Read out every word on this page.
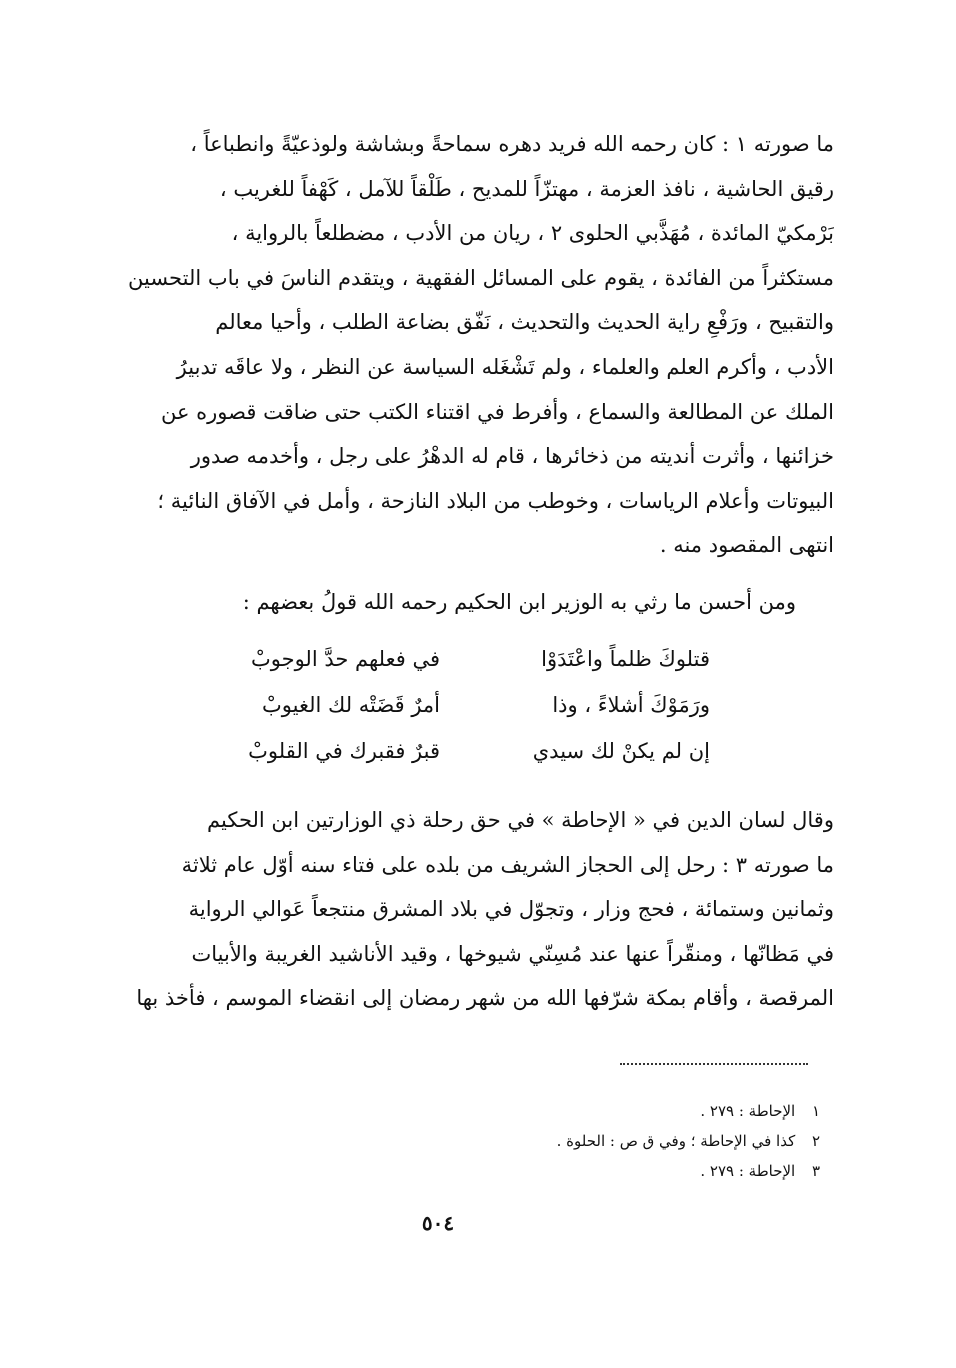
ما صورته ١ : كان رحمه الله فريد دهره سماحةً وبشاشة ولوذعيّةً وانطباعاً ،
رقيق الحاشية ، نافذ العزمة ، مهتزّاً للمديح ، طَلْقاً للآمل ، كَهْفاً للغريب ،
بَرْمكيّ المائدة ، مُهَذَّبي الحلوى ٢ ، ريان من الأدب ، مضطلعاً بالرواية ،
مستكثراً من الفائدة ، يقوم على المسائل الفقهية ، ويتقدم الناسَ في باب التحسين
والتقبيح ، ورَفْعِ راية الحديث والتحديث ، نَفّق بضاعة الطلب ، وأحيا معالم
الأدب ، وأكرم العلم والعلماء ، ولم تَشْغَله السياسة عن النظر ، ولا عاقَه تدبيرُ
الملك عن المطالعة والسماع ، وأفرط في اقتناء الكتب حتى ضاقت قصوره عن
خزائنها ، وأثرت أنديته من ذخائرها ، قام له الدهْرُ على رجل ، وأخدمه صدور
البيوتات وأعلام الرياسات ، وخوطب من البلاد النازحة ، وأمل في الآفاق النائية ؛
انتهى المقصود منه .
ومن أحسن ما رثي به الوزير ابن الحكيم رحمه الله قولُ بعضهم :
قتلوكَ ظلماً واعْتَدَوْا
في فعلهم حدَّ الوجوبْ
ورَمَوْكَ أشلاءً ، وذا
أمرٌ قَضَتْه لك الغيوبْ
إن لم يكنْ لك سيدي
قبرٌ فقبرك في القلوبْ
وقال لسان الدين في « الإحاطة » في حق رحلة ذي الوزارتين ابن الحكيم
ما صورته ٣ : رحل إلى الحجاز الشريف من بلده على فتاء سنه أوّل عام ثلاثة
وثمانين وستمائة ، فحج وزار ، وتجوّل في بلاد المشرق منتجعاً عَوالي الرواية
في مَظانّها ، ومنقّراً عنها عند مُسِنّي شيوخها ، وقيد الأناشيد الغريبة والأبيات
المرقصة ، وأقام بمكة شرّفها الله من شهر رمضان إلى انقضاء الموسم ، فأخذ بها
١ الإحاطة : ٢٧٩ .
٢ كذا في الإحاطة ؛ وفي ق ص : الحلوة .
٣ الإحاطة : ٢٧٩ .
٥٠٤
